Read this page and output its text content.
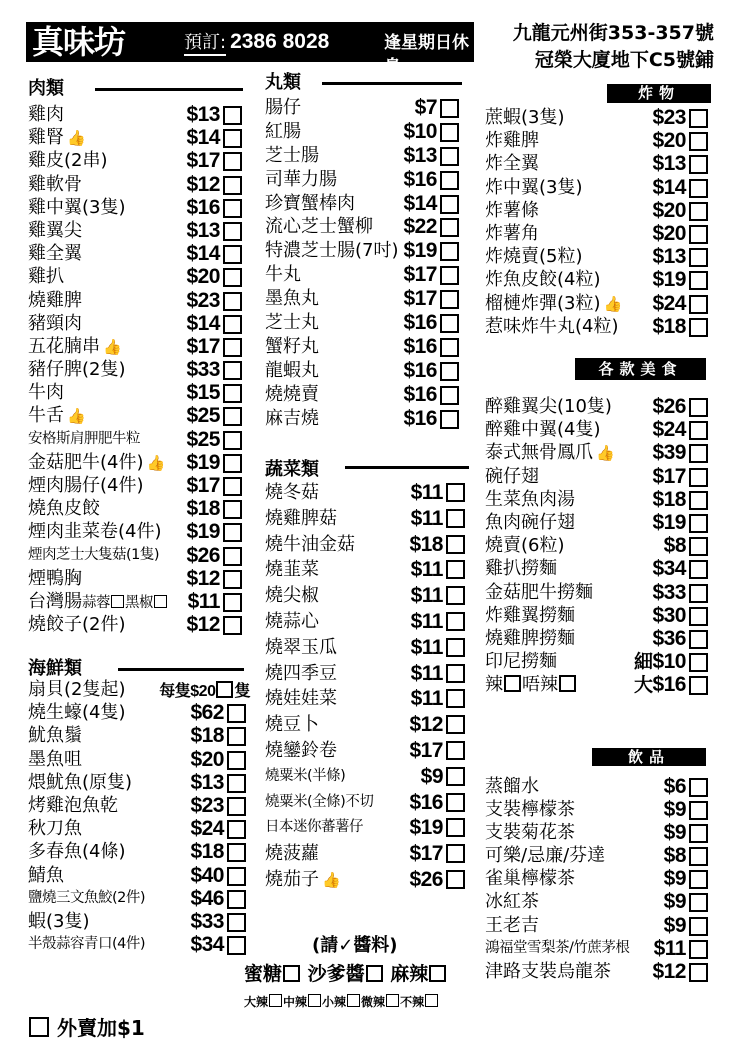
真味坊	預訂: 2386 8028	逢星期日休息
九龍元州街353-357號
冠榮大廈地下C5號鋪
肉類
雞肉	$13
雞腎 👍	$14
雞皮(2串)	$17
雞軟骨	$12
雞中翼(3隻)	$16
雞翼尖	$13
雞全翼	$14
雞扒	$20
燒雞脾	$23
豬頸肉	$14
五花腩串 👍	$17
豬仔脾(2隻)	$33
牛肉	$15
牛舌 👍	$25
安格斯肩胛肥牛粒 $25
金菇肥牛(4件) 👍 $19
煙肉腸仔(4件) $17
燒魚皮餃	$18
煙肉韭菜卷(4件) $19
煙肉芝士大隻菇(1隻) $26
煙鴨胸	$12
台灣腸蒜蓉 黑椒	$11
燒餃子(2件)	$12
海鮮類
扇貝(2隻起) 每隻$20 隻
燒生蠔(4隻)	$62
魷魚鬚	$18
墨魚咀	$20
煨魷魚(原隻)	$13
烤雞泡魚乾	$23
秋刀魚	$24
多春魚(4條)	$18
鯖魚	$40
鹽燒三文魚鮫(2件) $46
蝦(3隻)	$33
半殼蒜容青口(4件) $34
外賣加$1
丸類
腸仔	$7
紅腸	$10
芝士腸	$13
司華力腸	$16
珍寶蟹棒肉 $14
流心芝士蟹柳 $22
特濃芝士腸(7吋) $19
牛丸	$17
墨魚丸	$17
芝士丸	$16
蟹籽丸	$16
龍蝦丸	$16
燒燒賣	$16
麻吉燒	$16
蔬菜類
燒冬菇	$11
燒雞脾菇	$11
燒牛油金菇	$18
燒韮菜	$11
燒尖椒	$11
燒蒜心	$11
燒翠玉瓜	$11
燒四季豆	$11
燒娃娃菜	$11
燒豆卜	$12
燒鑾鈴卷	$17
燒粟米(半條)	$9
燒粟米(全條)不切 $16
日本迷你蕃薯仔 $19
燒菠蘿	$17
燒茄子 👍	$26
(請✓醬料)
蜜糖 沙爹醬 麻辣
大辣 中辣 小辣 微辣 不辣
炸物
蔗蝦(3隻)	$23
炸雞脾	$20
炸全翼	$13
炸中翼(3隻)	$14
炸薯條	$20
炸薯角	$20
炸燒賣(5粒)	$13
炸魚皮餃(4粒) $19
榴槤炸彈(3粒) 👍 $24
惹味炸牛丸(4粒) $18
各款美食
醉雞翼尖(10隻) $26
醉雞中翼(4隻) $24
泰式無骨鳳爪 👍 $39
碗仔翅	$17
生菜魚肉湯	$18
魚肉碗仔翅	$19
燒賣(6粒)	$8
雞扒撈麵	$34
金菇肥牛撈麵	$33
炸雞翼撈麵	$30
燒雞脾撈麵	$36
印尼撈麵	細$10
辣 唔辣	大$16
飲品
蒸餾水	$6
支裝檸檬茶	$9
支裝菊花茶	$9
可樂/忌廉/芬達	$8
雀巢檸檬茶	$9
冰紅茶	$9
王老吉	$9
鴻福堂雪梨茶/竹蔗茅根 $11
津路支裝烏龍茶 $12
